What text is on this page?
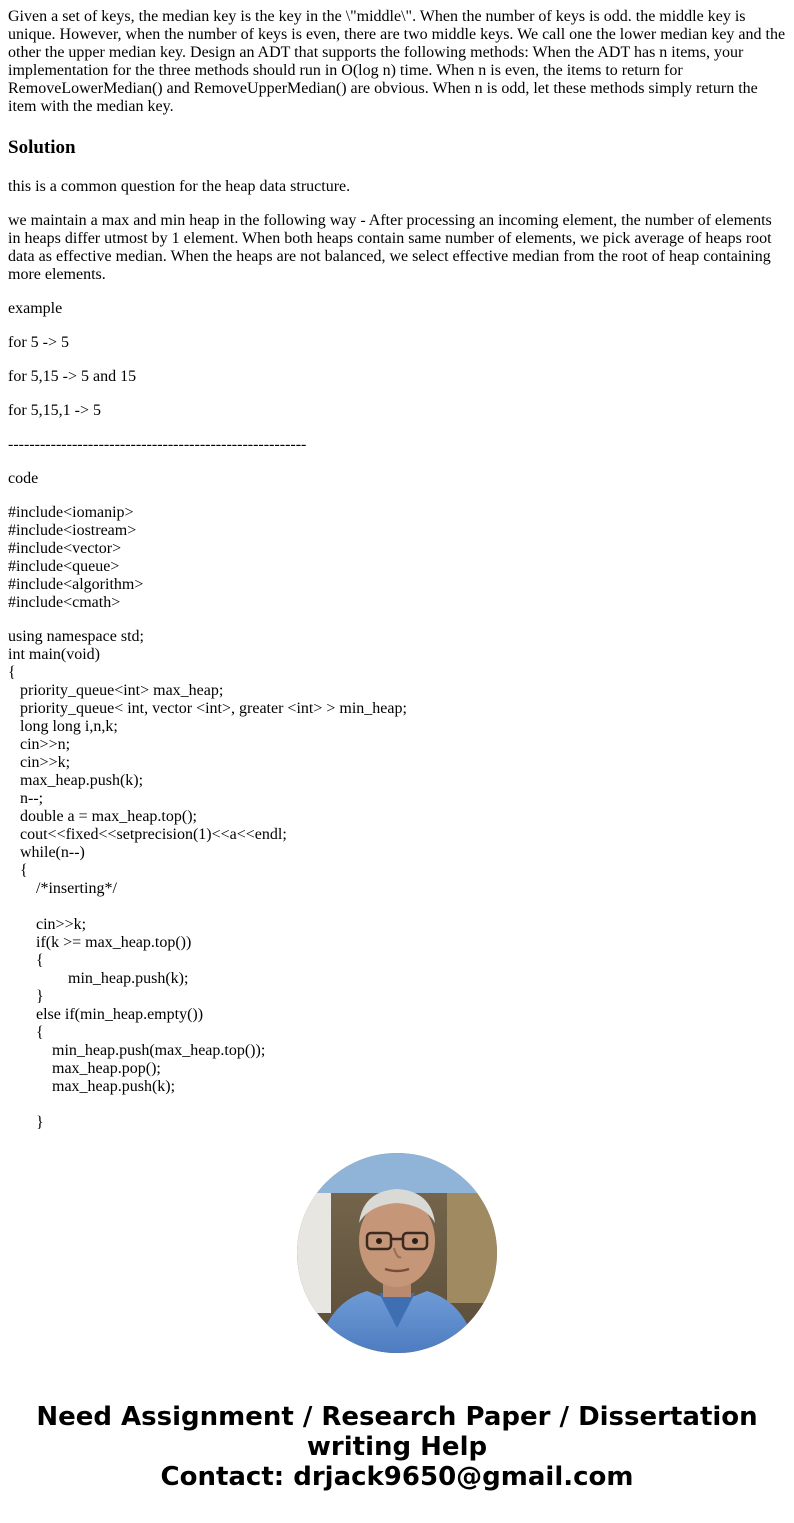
Given a set of keys, the median key is the key in the \"middle\". When the number of keys is odd. the middle key is unique. However, when the number of keys is even, there are two middle keys. We call one the lower median key and the other the upper median key. Design an ADT that supports the following methods: When the ADT has n items, your implementation for the three methods should run in O(log n) time. When n is even, the items to return for RemoveLowerMedian() and RemoveUpperMedian() are obvious. When n is odd, let these methods simply return the item with the median key.

Solution

this is a common question for the heap data structure.

we maintain a max and min heap in the following way - After processing an incoming element, the number of elements in heaps differ utmost by 1 element. When both heaps contain same number of elements, we pick average of heaps root data as effective median. When the heaps are not balanced, we select effective median from the root of heap containing more elements.

example

for 5 -> 5

for 5,15 -> 5 and 15

for 5,15,1 -> 5

--------------------------------------------------------

code

#include<iomanip>
#include<iostream>
#include<vector>
#include<queue>
#include<algorithm>
#include<cmath>

using namespace std;
int main(void)
{
priority_queue<int> max_heap;
priority_queue< int, vector <int>, greater <int> > min_heap;
long long i,n,k;
cin>>n;
cin>>k;
max_heap.push(k);
n--;
double a = max_heap.top();
cout<<fixed<<setprecision(1)<<a<<endl;
while(n--)
{
/*inserting*/
cin>>k;
if(k >= max_heap.top())
{
min_heap.push(k);
}
else if(min_heap.empty())
{
min_heap.push(max_heap.top());
max_heap.pop();
max_heap.push(k);
}
Need Assignment / Research Paper / Dissertation
writing Help
Contact: drjack9650@gmail.com
